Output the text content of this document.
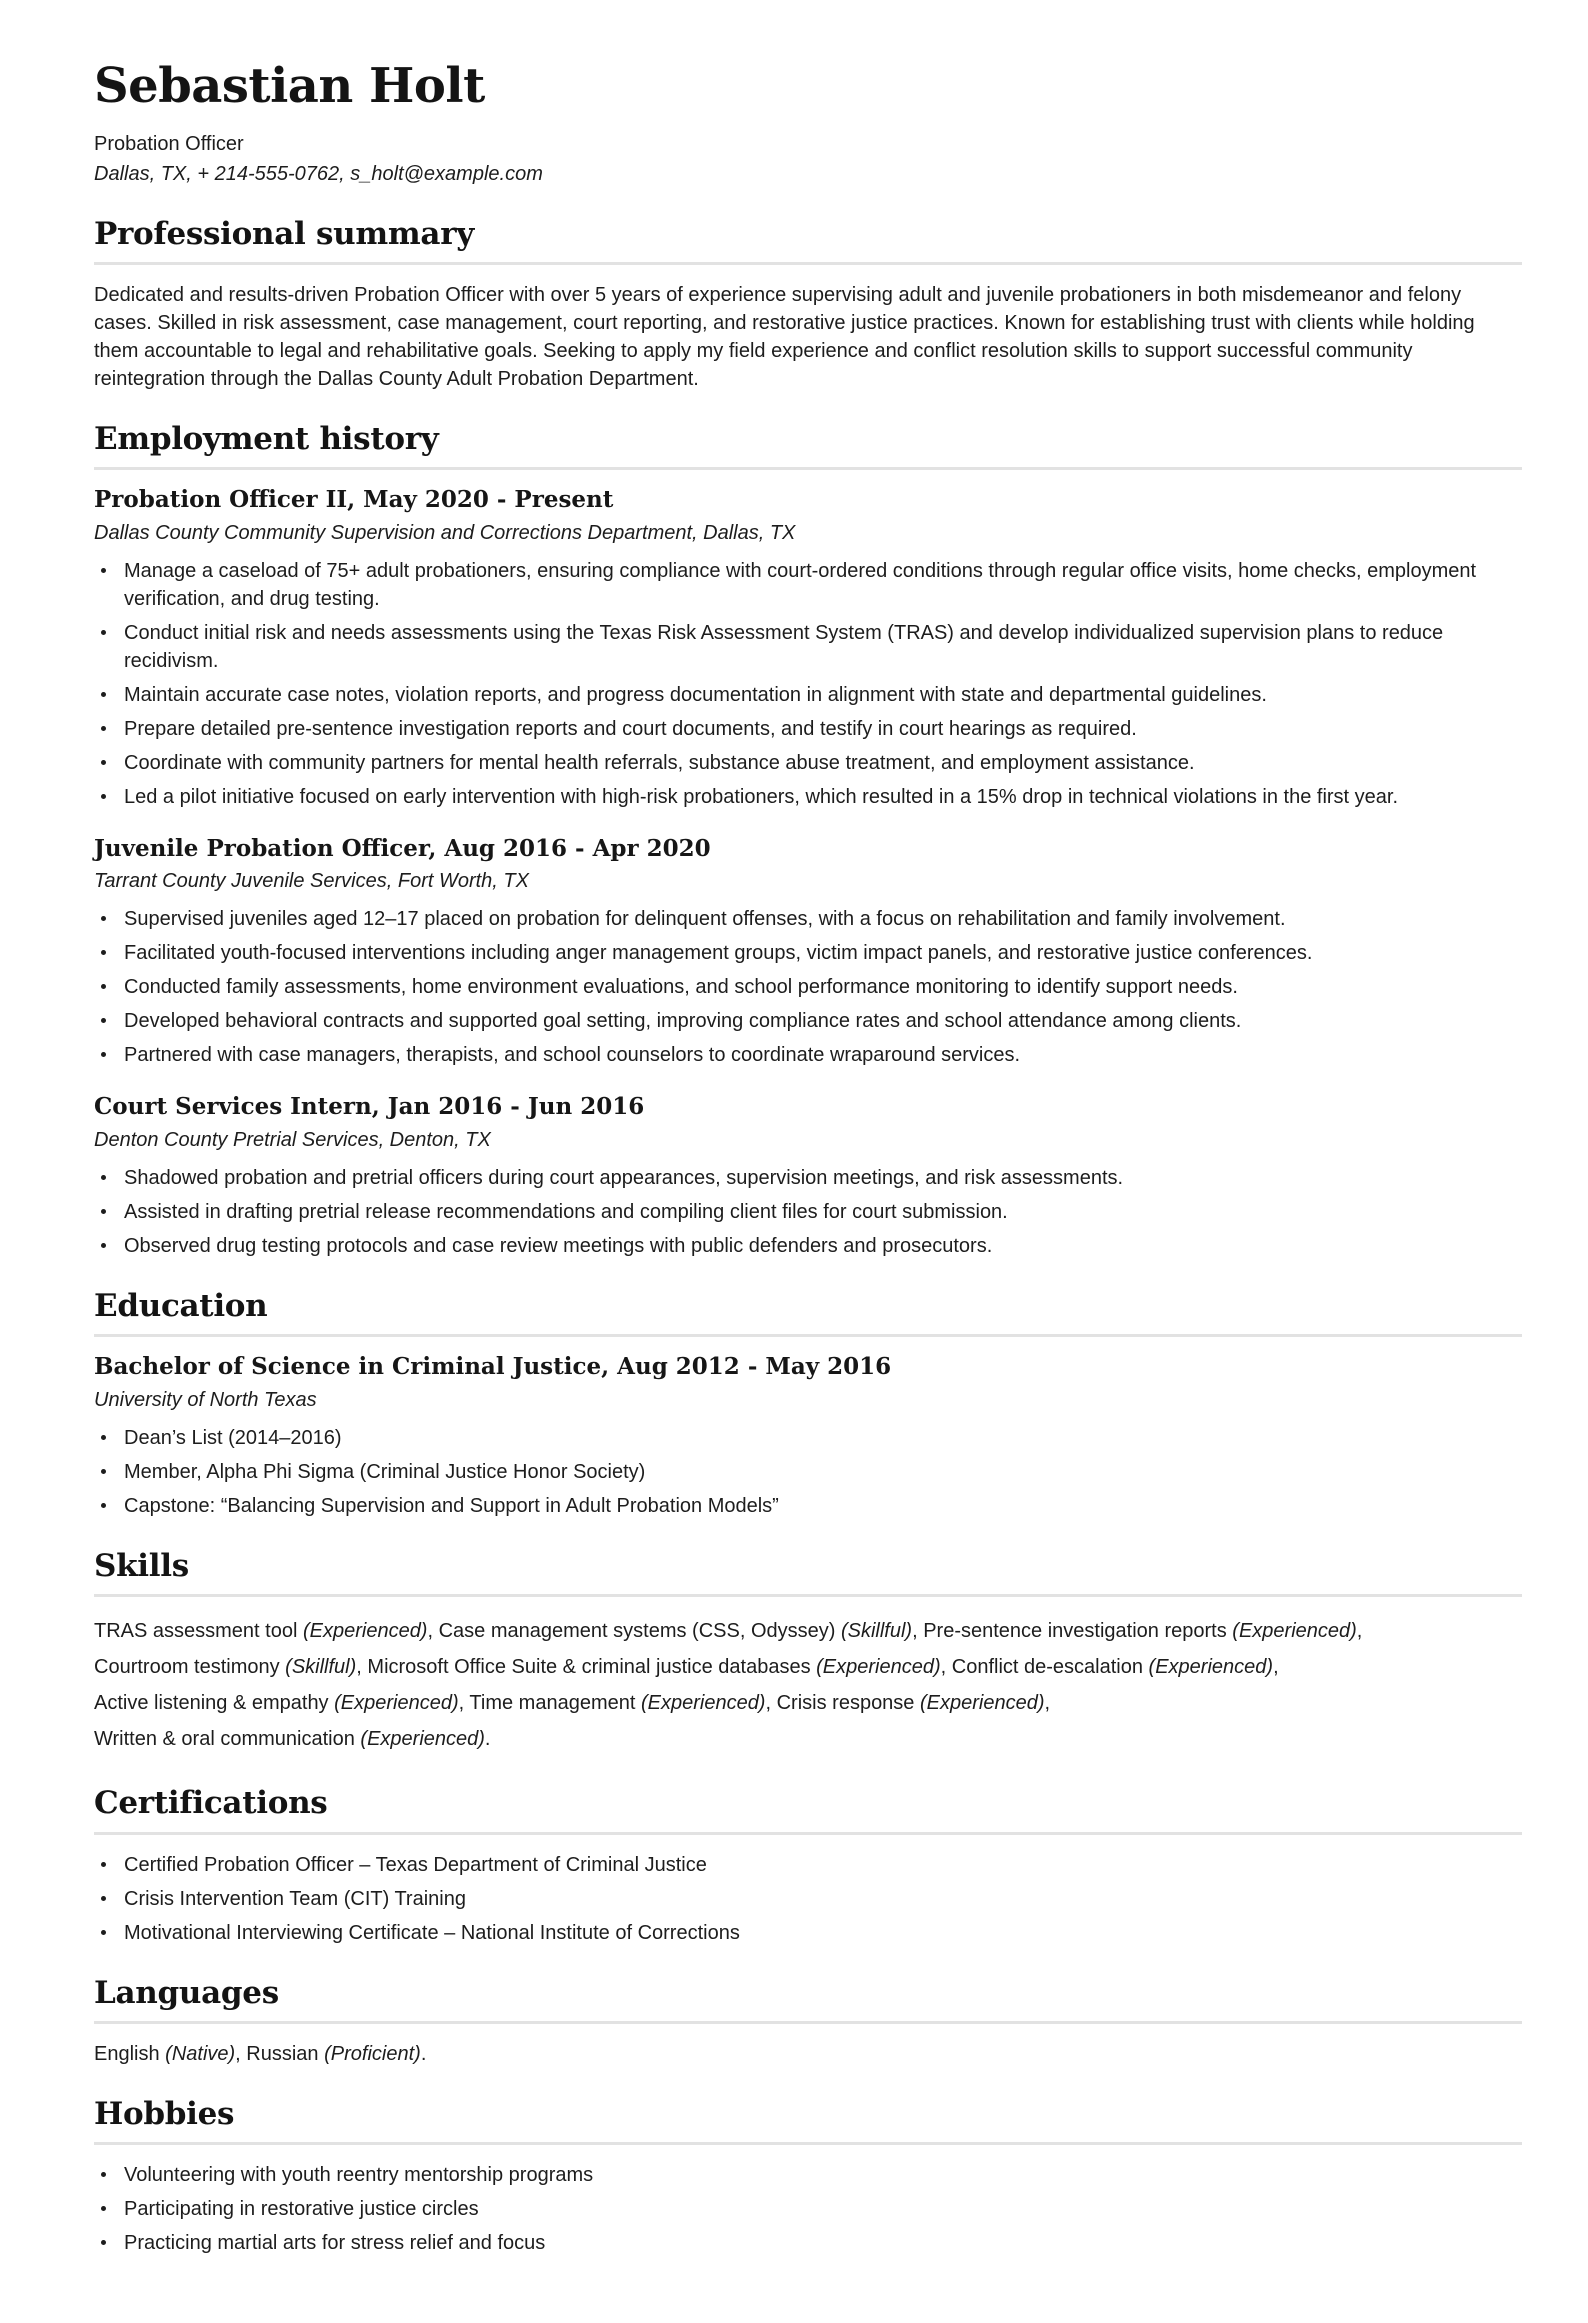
Sebastian Holt

Probation Officer

Dallas, TX, + 214-555-0762, s_holt@example.com

Professional summary

Dedicated and results-driven Probation Officer with over 5 years of experience supervising adult and juvenile probationers in both misdemeanor and felony cases. Skilled in risk assessment, case management, court reporting, and restorative justice practices. Known for establishing trust with clients while holding them accountable to legal and rehabilitative goals. Seeking to apply my field experience and conflict resolution skills to support successful community reintegration through the Dallas County Adult Probation Department.

Employment history
Probation Officer II, May 2020 - Present

Dallas County Community Supervision and Corrections Department, Dallas, TX

Manage a caseload of 75+ adult probationers, ensuring compliance with court-ordered conditions through regular office visits, home checks, employment verification, and drug testing.
Conduct initial risk and needs assessments using the Texas Risk Assessment System (TRAS) and develop individualized supervision plans to reduce recidivism.
Maintain accurate case notes, violation reports, and progress documentation in alignment with state and departmental guidelines.
Prepare detailed pre-sentence investigation reports and court documents, and testify in court hearings as required.
Coordinate with community partners for mental health referrals, substance abuse treatment, and employment assistance.
Led a pilot initiative focused on early intervention with high-risk probationers, which resulted in a 15% drop in technical violations in the first year.
Juvenile Probation Officer, Aug 2016 - Apr 2020

Tarrant County Juvenile Services, Fort Worth, TX

Supervised juveniles aged 12–17 placed on probation for delinquent offenses, with a focus on rehabilitation and family involvement.
Facilitated youth-focused interventions including anger management groups, victim impact panels, and restorative justice conferences.
Conducted family assessments, home environment evaluations, and school performance monitoring to identify support needs.
Developed behavioral contracts and supported goal setting, improving compliance rates and school attendance among clients.
Partnered with case managers, therapists, and school counselors to coordinate wraparound services.
Court Services Intern, Jan 2016 - Jun 2016

Denton County Pretrial Services, Denton, TX

Shadowed probation and pretrial officers during court appearances, supervision meetings, and risk assessments.
Assisted in drafting pretrial release recommendations and compiling client files for court submission.
Observed drug testing protocols and case review meetings with public defenders and prosecutors.
Education
Bachelor of Science in Criminal Justice, Aug 2012 - May 2016

University of North Texas

Dean’s List (2014–2016)
Member, Alpha Phi Sigma (Criminal Justice Honor Society)
Capstone: “Balancing Supervision and Support in Adult Probation Models”
Skills
TRAS assessment tool (Experienced), Case management systems (CSS, Odyssey) (Skillful), Pre-sentence investigation reports (Experienced),
Courtroom testimony (Skillful), Microsoft Office Suite & criminal justice databases (Experienced), Conflict de-escalation (Experienced),
Active listening & empathy (Experienced), Time management (Experienced), Crisis response (Experienced),
Written & oral communication (Experienced).
Certifications
Certified Probation Officer – Texas Department of Criminal Justice
Crisis Intervention Team (CIT) Training
Motivational Interviewing Certificate – National Institute of Corrections
Languages

English (Native), Russian (Proficient).

Hobbies
Volunteering with youth reentry mentorship programs
Participating in restorative justice circles
Practicing martial arts for stress relief and focus
